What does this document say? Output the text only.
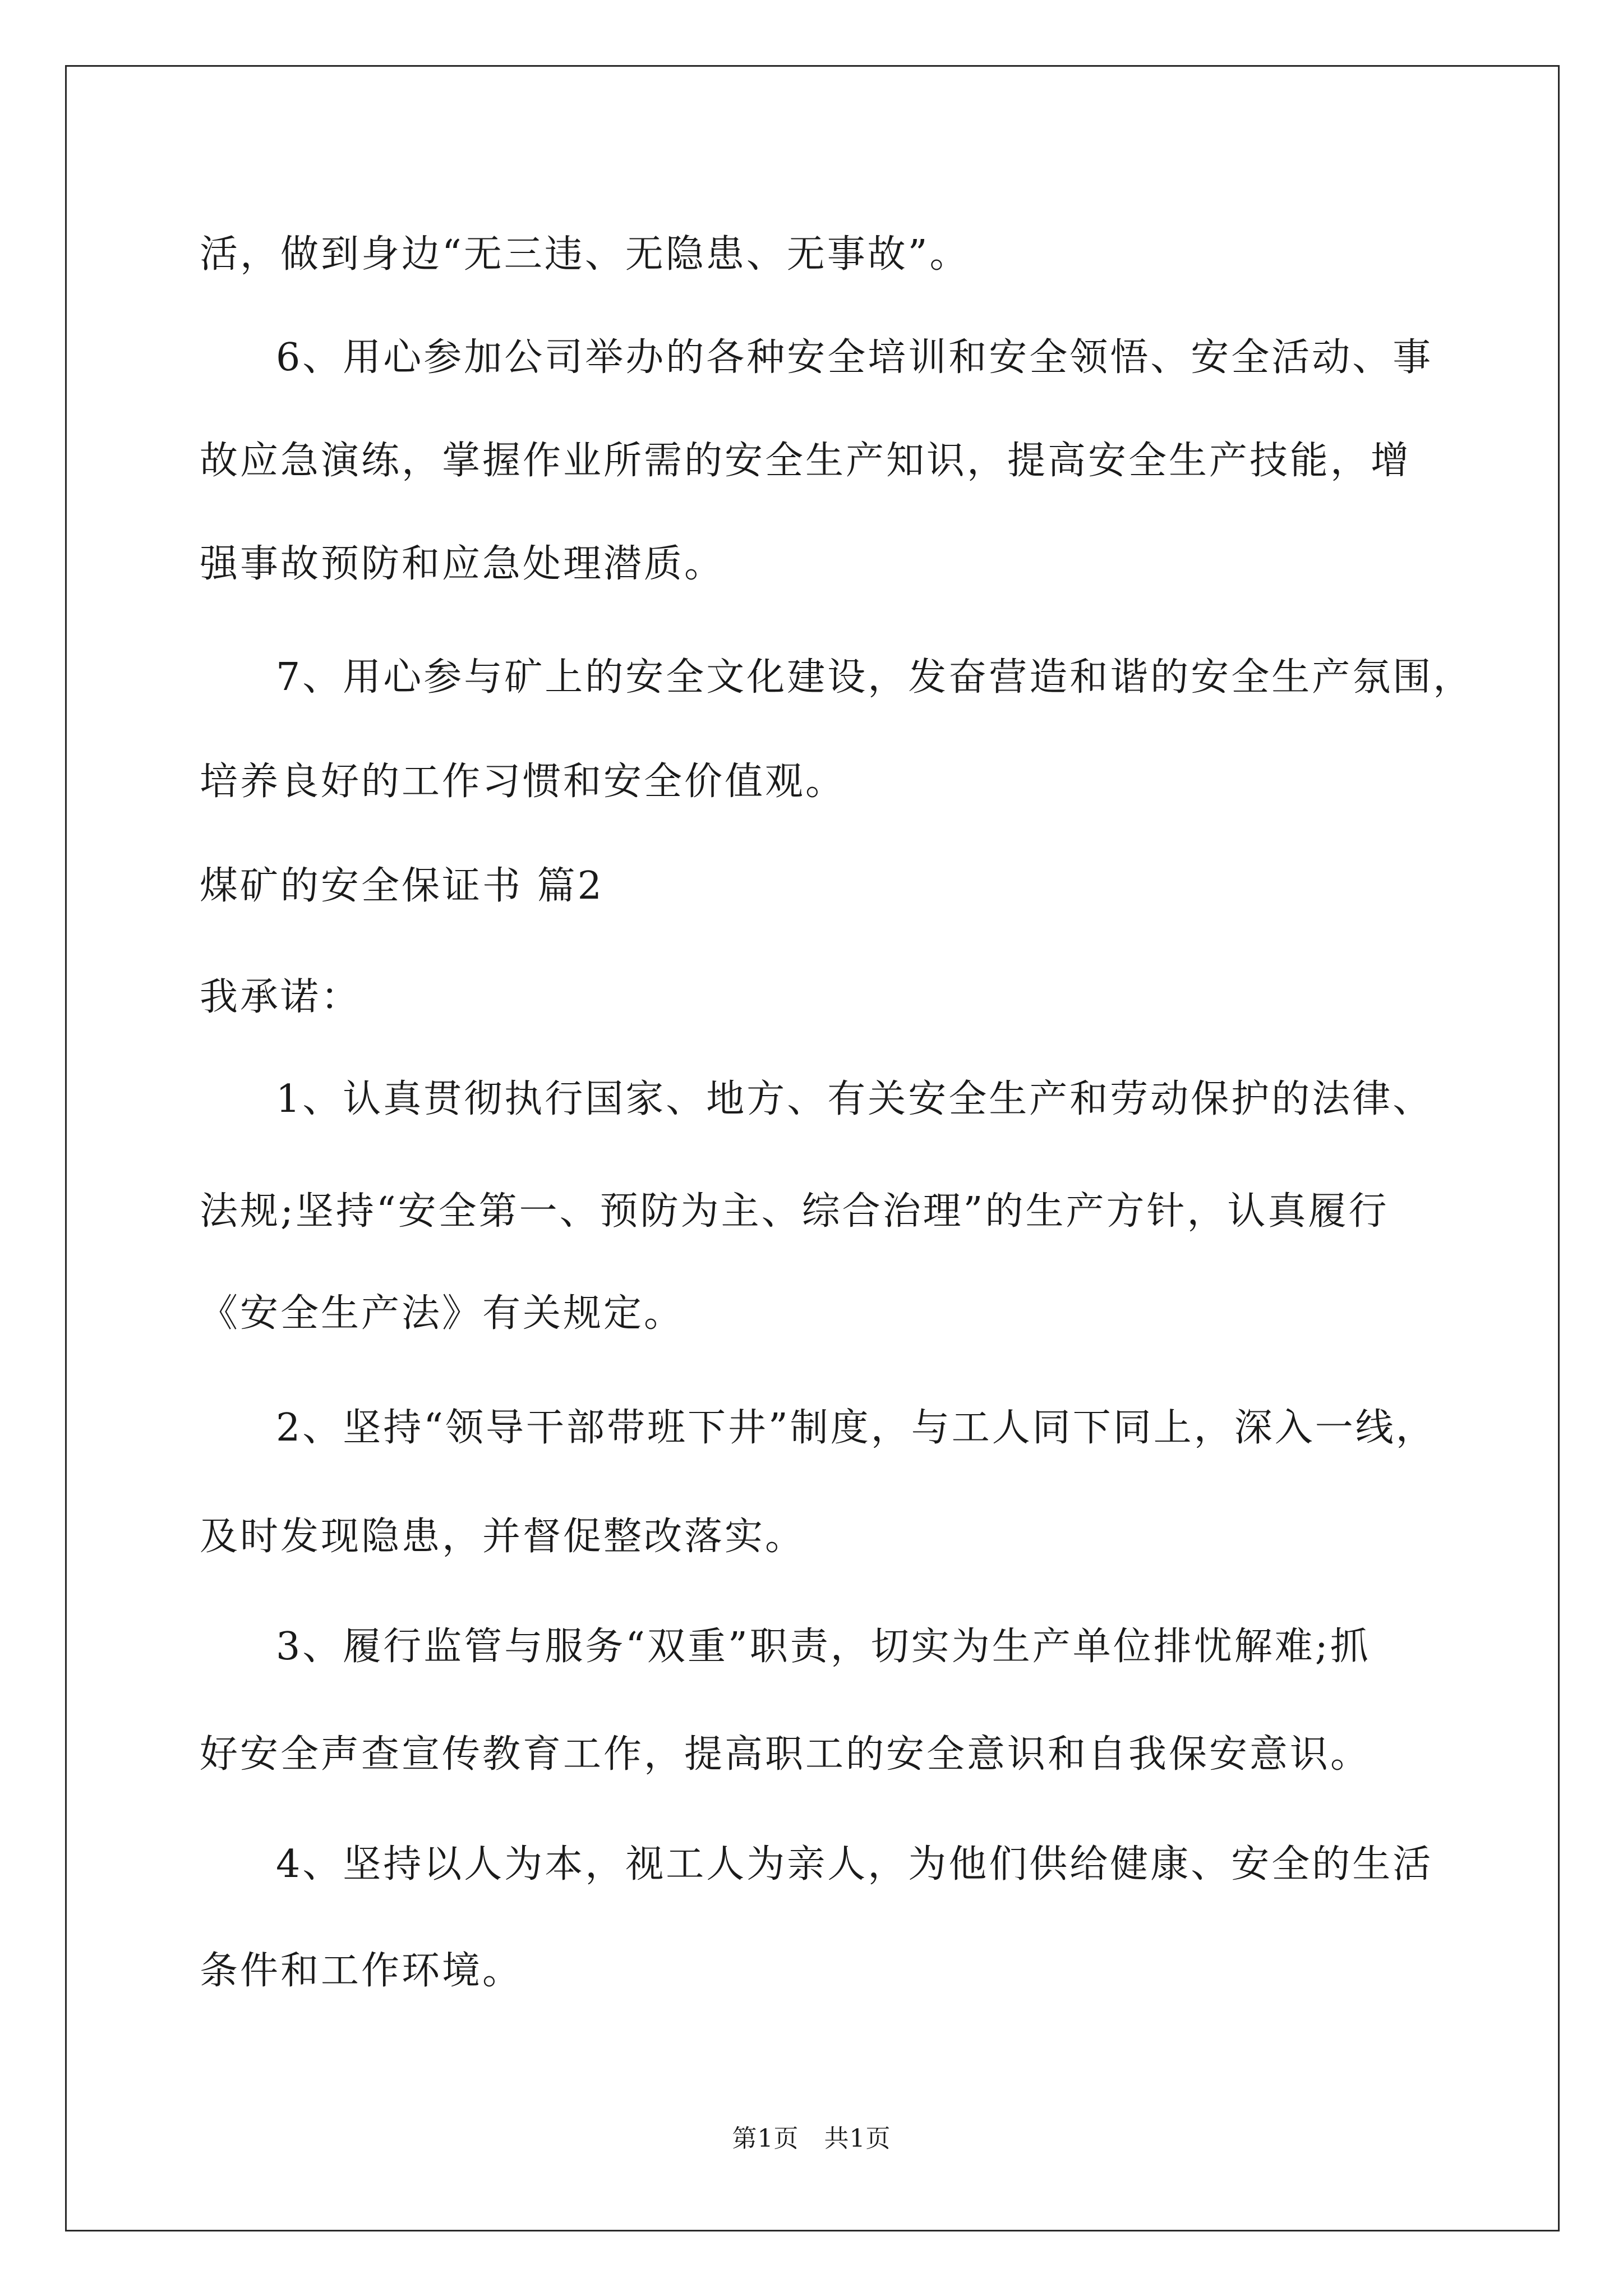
活，做到身边“无三违、无隐患、无事故”。
6、用心参加公司举办的各种安全培训和安全领悟、安全活动、事
故应急演练，掌握作业所需的安全生产知识，提高安全生产技能，增
强事故预防和应急处理潜质。
7、用心参与矿上的安全文化建设，发奋营造和谐的安全生产氛围，
培养良好的工作习惯和安全价值观。
煤矿的安全保证书 篇2
我承诺：
1、认真贯彻执行国家、地方、有关安全生产和劳动保护的法律、
法规;坚持“安全第一、预防为主、综合治理”的生产方针，认真履行
《安全生产法》有关规定。
2、坚持“领导干部带班下井”制度，与工人同下同上，深入一线，
及时发现隐患，并督促整改落实。
3、履行监管与服务“双重”职责，切实为生产单位排忧解难;抓
好安全声查宣传教育工作，提高职工的安全意识和自我保安意识。
4、坚持以人为本，视工人为亲人，为他们供给健康、安全的生活
条件和工作环境。
第1页　共1页
